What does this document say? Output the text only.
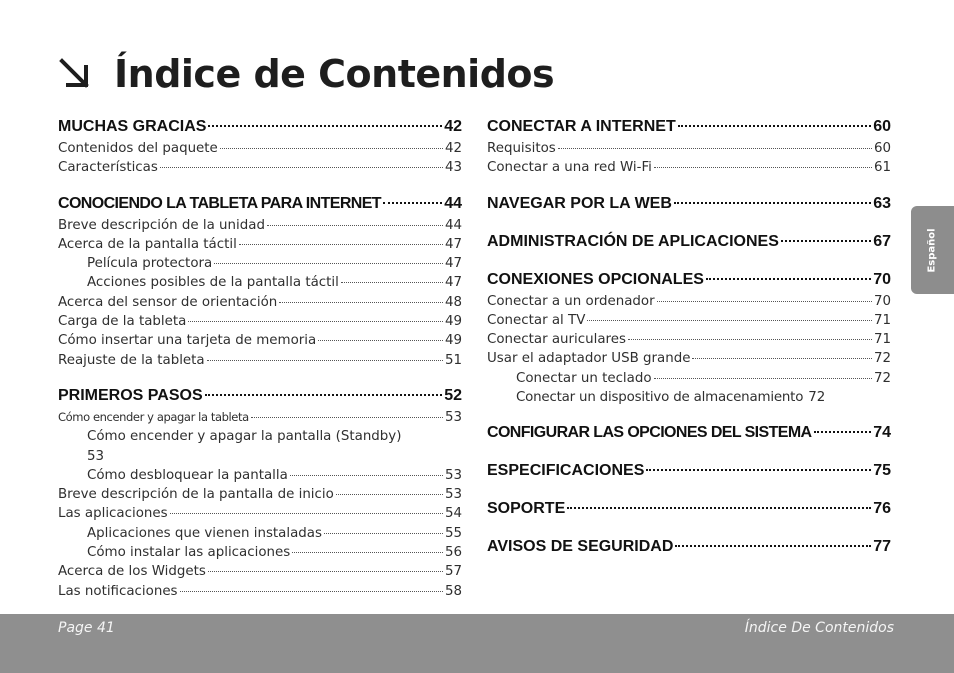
Índice de Contenidos
MUCHAS GRACIAS	42
Contenidos del paquete	42
Características	43
CONOCIENDO LA TABLETA PARA INTERNET	44
Breve descripción de la unidad	44
Acerca de la pantalla táctil	47
Película protectora	47
Acciones posibles de la pantalla táctil	47
Acerca del sensor de orientación	48
Carga de la tableta	49
Cómo insertar una tarjeta de memoria	49
Reajuste de la tableta	51
PRIMEROS PASOS	52
Cómo encender y apagar la tableta	53
Cómo encender y apagar la pantalla (Standby)
53
Cómo desbloquear la pantalla	53
Breve descripción de la pantalla de inicio	53
Las aplicaciones	54
Aplicaciones que vienen instaladas	55
Cómo instalar las aplicaciones	56
Acerca de los Widgets	57
Las notificaciones	58
CONECTAR A INTERNET	60
Requisitos	60
Conectar a una red Wi-Fi	61
NAVEGAR POR LA WEB	63
ADMINISTRACIÓN DE APLICACIONES	67
CONEXIONES OPCIONALES	70
Conectar a un ordenador	70
Conectar al TV	71
Conectar auriculares	71
Usar el adaptador USB grande	72
Conectar un teclado	72
Conectar un dispositivo de almacenamiento 72
CONFIGURAR LAS OPCIONES DEL SISTEMA	74
ESPECIFICACIONES	75
SOPORTE	76
AVISOS DE SEGURIDAD	77
Español
Page 41	Índice De Contenidos
